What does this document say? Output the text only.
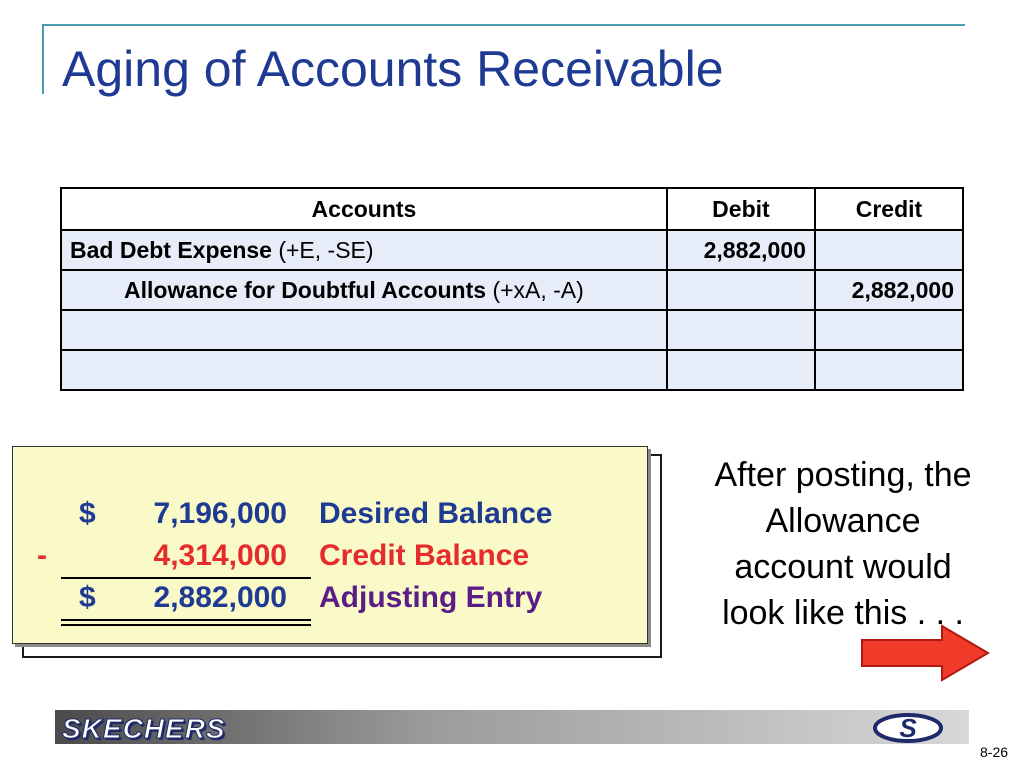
Aging of Accounts Receivable
Accounts	Debit	Credit
Bad Debt Expense (+E, -SE)	2,882,000	
Allowance for Doubtful Accounts (+xA, -A)		2,882,000

$	7,196,000 Desired Balance
-	4,314,000 Credit Balance
$	2,882,000 Adjusting Entry
After posting, the
Allowance
account would
look like this . . .
SKECHERS	S
8-26
